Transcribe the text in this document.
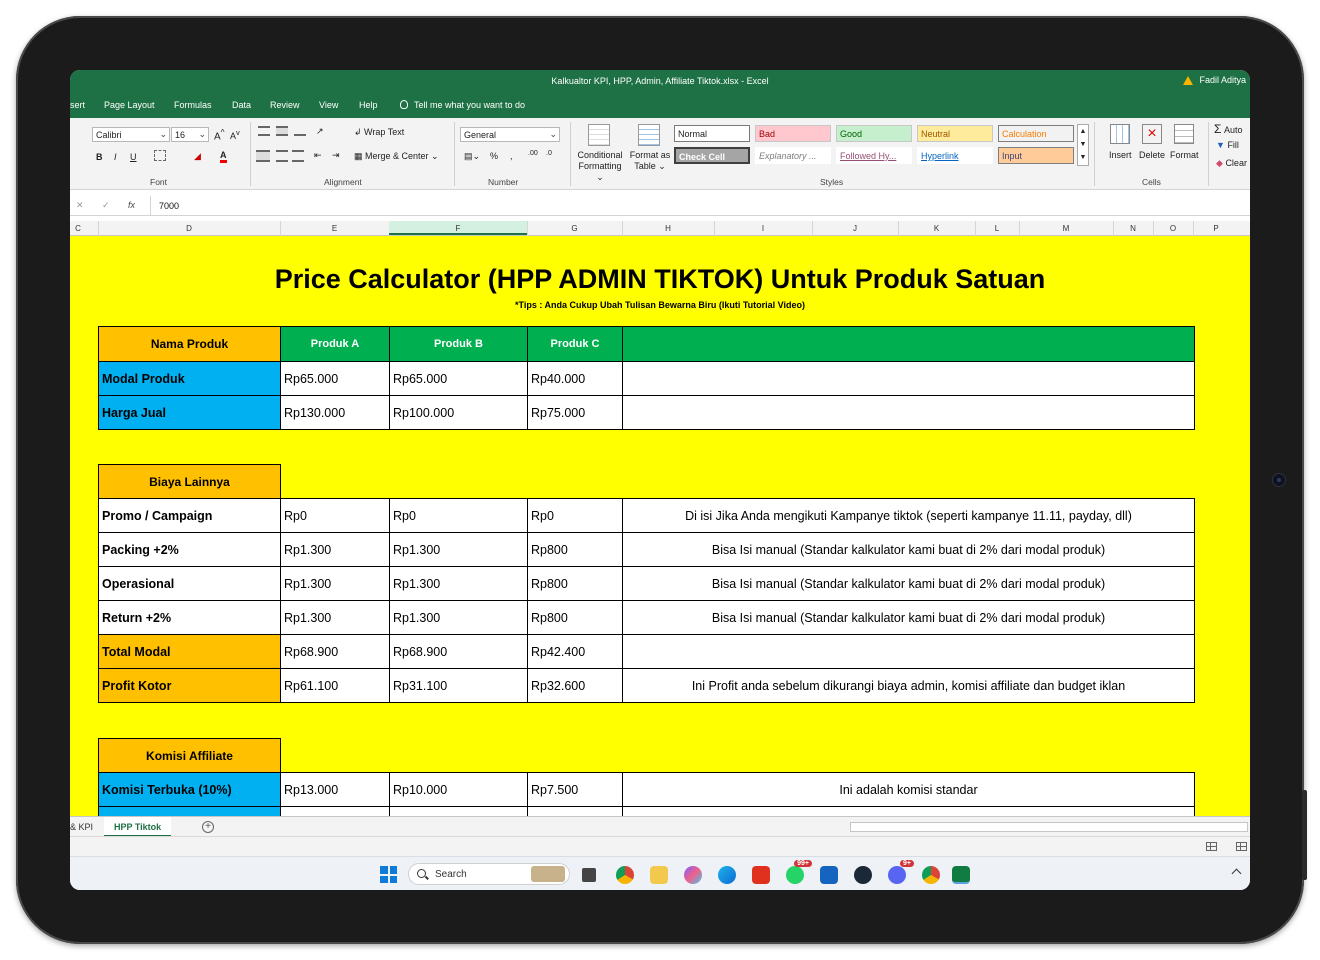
Kalkualtor KPI, HPP, Admin, Affiliate Tiktok.xlsx - Excel	Fadil Aditya
sert Page Layout Formulas Data Review View Help	Tell me what you want to do
Calibri	⌄ 16 ⌄ A^ $A^v$
B I U	◢ A
Font
↗	↲ Wrap Text
⇤ ⇥ ▦ Merge & Center ⌄
Alignment
General	⌄
▤⌄ % , .00 .0
Number
Conditional
Formatting ⌄
Format as
Table ⌄
Normal	Bad	Good	Neutral	Calculation
Check Cell	Explanatory ...	Followed Hy...	Hyperlink	Input
▲
▼
▼
Styles
Insert
×
Delete Format
Cells
Σ Auto
▼ Fill
◆ Clear
✕ ✓ fx	7000
C	D	E	F	G	H	I	J	K	L	M	N	O	P
Price Calculator (HPP ADMIN TIKTOK) Untuk Produk Satuan
*Tips : Anda Cukup Ubah Tulisan Bewarna Biru (Ikuti Tutorial Video)
Nama Produk	Produk A	Produk B	Produk C
Modal Produk	Rp65.000	Rp65.000	Rp40.000
Harga Jual	Rp130.000	Rp100.000	Rp75.000
Biaya Lainnya
Promo / Campaign	Rp0	Rp0	Rp0	Di isi Jika Anda mengikuti Kampanye tiktok (seperti kampanye 11.11, payday, dll)
Packing +2%	Rp1.300	Rp1.300	Rp800	Bisa Isi manual (Standar kalkulator kami buat di 2% dari modal produk)
Operasional	Rp1.300	Rp1.300	Rp800	Bisa Isi manual (Standar kalkulator kami buat di 2% dari modal produk)
Return +2%	Rp1.300	Rp1.300	Rp800	Bisa Isi manual (Standar kalkulator kami buat di 2% dari modal produk)
Total Modal	Rp68.900	Rp68.900	Rp42.400
Profit Kotor	Rp61.100	Rp31.100	Rp32.600	Ini Profit anda sebelum dikurangi biaya admin, komisi affiliate dan budget iklan
Komisi Affiliate
Komisi Terbuka (10%)	Rp13.000	Rp10.000	Rp7.500	Ini adalah komisi standar
& KPI	HPP Tiktok	+
Search
99+	9+
